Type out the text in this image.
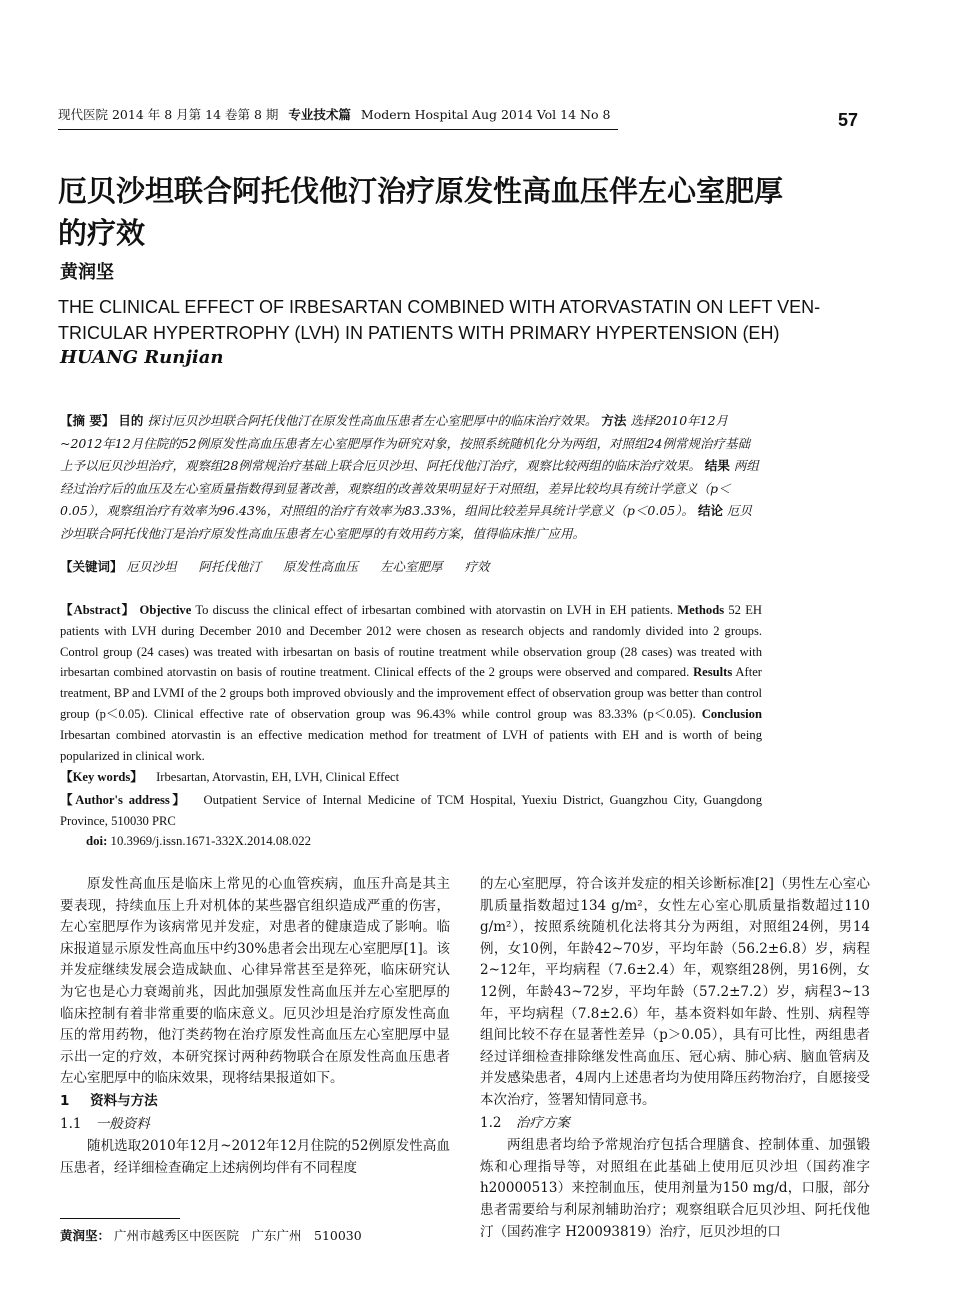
现代医院 2014 年 8 月第 14 卷第 8 期 专业技术篇 Modern Hospital Aug 2014 Vol 14 No 8	57
厄贝沙坦联合阿托伐他汀治疗原发性高血压伴左心室肥厚的疗效
黄润坚
THE CLINICAL EFFECT OF IRBESARTAN COMBINED WITH ATORVASTATIN ON LEFT VEN-
TRICULAR HYPERTROPHY (LVH) IN PATIENTS WITH PRIMARY HYPERTENSION (EH)
HUANG Runjian
【摘 要】 目的 探讨厄贝沙坦联合阿托伐他汀在原发性高血压患者左心室肥厚中的临床治疗效果。 方法 选择2010年12月~2012年12月住院的52例原发性高血压患者左心室肥厚作为研究对象，按照系统随机化分为两组，对照组24例常规治疗基础上予以厄贝沙坦治疗，观察组28例常规治疗基础上联合厄贝沙坦、阿托伐他汀治疗，观察比较两组的临床治疗效果。 结果 两组经过治疗后的血压及左心室质量指数得到显著改善，观察组的改善效果明显好于对照组，差异比较均具有统计学意义（p＜0.05），观察组治疗有效率为96.43%，对照组的治疗有效率为83.33%，组间比较差异具统计学意义（p＜0.05）。 结论 厄贝沙坦联合阿托伐他汀是治疗原发性高血压患者左心室肥厚的有效用药方案，值得临床推广应用。
【关键词】 厄贝沙坦 阿托伐他汀 原发性高血压 左心室肥厚 疗效
【Abstract】 Objective To discuss the clinical effect of irbesartan combined with atorvastin on LVH in EH patients. Methods 52 EH patients with LVH during December 2010 and December 2012 were chosen as research objects and randomly divided into 2 groups. Control group (24 cases) was treated with irbesartan on basis of routine treatment while observation group (28 cases) was treated with irbesartan combined atorvastin on basis of routine treatment. Clinical effects of the 2 groups were observed and compared. Results After treatment, BP and LVMI of the 2 groups both improved obviously and the improvement effect of observation group was better than control group (p＜0.05). Clinical effective rate of observation group was 96.43% while control group was 83.33% (p＜0.05). Conclusion Irbesartan combined atorvastin is an effective medication method for treatment of LVH of patients with EH and is worth of being popularized in clinical work.
【Key words】 Irbesartan, Atorvastin, EH, LVH, Clinical Effect
【Author's address】 Outpatient Service of Internal Medicine of TCM Hospital, Yuexiu District, Guangzhou City, Guangdong Province, 510030 PRC
doi: 10.3969/j.issn.1671-332X.2014.08.022

原发性高血压是临床上常见的心血管疾病，血压升高是其主要表现，持续血压上升对机体的某些器官组织造成严重的伤害，左心室肥厚作为该病常见并发症，对患者的健康造成了影响。临床报道显示原发性高血压中约30%患者会出现左心室肥厚[1]。该并发症继续发展会造成缺血、心律异常甚至是猝死，临床研究认为它也是心力衰竭前兆，因此加强原发性高血压并左心室肥厚的临床控制有着非常重要的临床意义。厄贝沙坦是治疗原发性高血压的常用药物，他汀类药物在治疗原发性高血压左心室肥厚中显示出一定的疗效，本研究探讨两种药物联合在原发性高血压患者左心室肥厚中的临床效果，现将结果报道如下。

1 资料与方法
1.1 一般资料

随机选取2010年12月~2012年12月住院的52例原发性高血压患者，经详细检查确定上述病例均伴有不同程度

的左心室肥厚，符合该并发症的相关诊断标准[2]（男性左心室心肌质量指数超过134 g/m²，女性左心室心肌质量指数超过110 g/m²），按照系统随机化法将其分为两组，对照组24例，男14例，女10例，年龄42~70岁，平均年龄（56.2±6.8）岁，病程2~12年，平均病程（7.6±2.4）年，观察组28例，男16例，女12例，年龄43~72岁，平均年龄（57.2±7.2）岁，病程3~13年，平均病程（7.8±2.6）年，基本资料如年龄、性别、病程等组间比较不存在显著性差异（p＞0.05），具有可比性，两组患者经过详细检查排除继发性高血压、冠心病、肺心病、脑血管病及并发感染患者，4周内上述患者均为使用降压药物治疗，自愿接受本次治疗，签署知情同意书。

1.2 治疗方案

两组患者均给予常规治疗包括合理膳食、控制体重、加强锻炼和心理指导等，对照组在此基础上使用厄贝沙坦（国药准字 h20000513）来控制血压，使用剂量为150 mg/d，口服，部分患者需要给与利尿剂辅助治疗；观察组联合厄贝沙坦、阿托伐他汀（国药准字 H20093819）治疗，厄贝沙坦的口

黄润坚： 广州市越秀区中医医院　广东广州　510030
